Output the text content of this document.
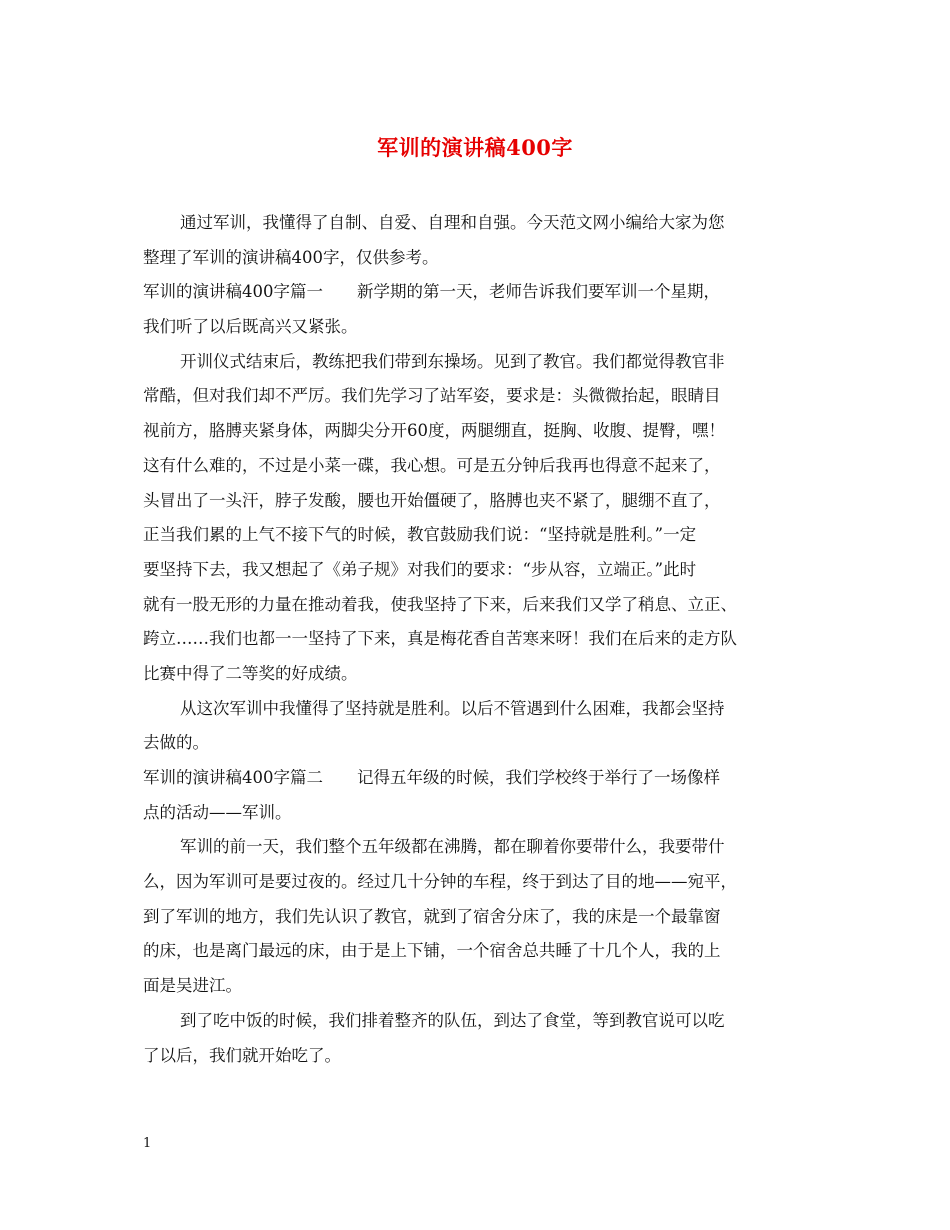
军训的演讲稿400字
通过军训，我懂得了自制、自爱、自理和自强。今天范文网小编给大家为您
整理了军训的演讲稿400字，仅供参考。
军训的演讲稿400字篇一 新学期的第一天，老师告诉我们要军训一个星期，
我们听了以后既高兴又紧张。
开训仪式结束后，教练把我们带到东操场。见到了教官。我们都觉得教官非
常酷，但对我们却不严厉。我们先学习了站军姿，要求是：头微微抬起，眼睛目
视前方，胳膊夹紧身体，两脚尖分开60度，两腿绷直，挺胸、收腹、提臀，嘿！
这有什么难的，不过是小菜一碟，我心想。可是五分钟后我再也得意不起来了，
头冒出了一头汗，脖子发酸，腰也开始僵硬了，胳膊也夹不紧了，腿绷不直了，
正当我们累的上气不接下气的时候，教官鼓励我们说：“坚持就是胜利。”一定
要坚持下去，我又想起了《弟子规》对我们的要求：“步从容，立端正。”此时
就有一股无形的力量在推动着我，使我坚持了下来，后来我们又学了稍息、立正、
跨立……我们也都一一坚持了下来，真是梅花香自苦寒来呀！我们在后来的走方队
比赛中得了二等奖的好成绩。
从这次军训中我懂得了坚持就是胜利。以后不管遇到什么困难，我都会坚持
去做的。
军训的演讲稿400字篇二 记得五年级的时候，我们学校终于举行了一场像样
点的活动——军训。
军训的前一天，我们整个五年级都在沸腾，都在聊着你要带什么，我要带什
么，因为军训可是要过夜的。经过几十分钟的车程，终于到达了目的地——宛平，
到了军训的地方，我们先认识了教官，就到了宿舍分床了，我的床是一个最靠窗
的床，也是离门最远的床，由于是上下铺，一个宿舍总共睡了十几个人，我的上
面是吴进江。
到了吃中饭的时候，我们排着整齐的队伍，到达了食堂，等到教官说可以吃
了以后，我们就开始吃了。
1
